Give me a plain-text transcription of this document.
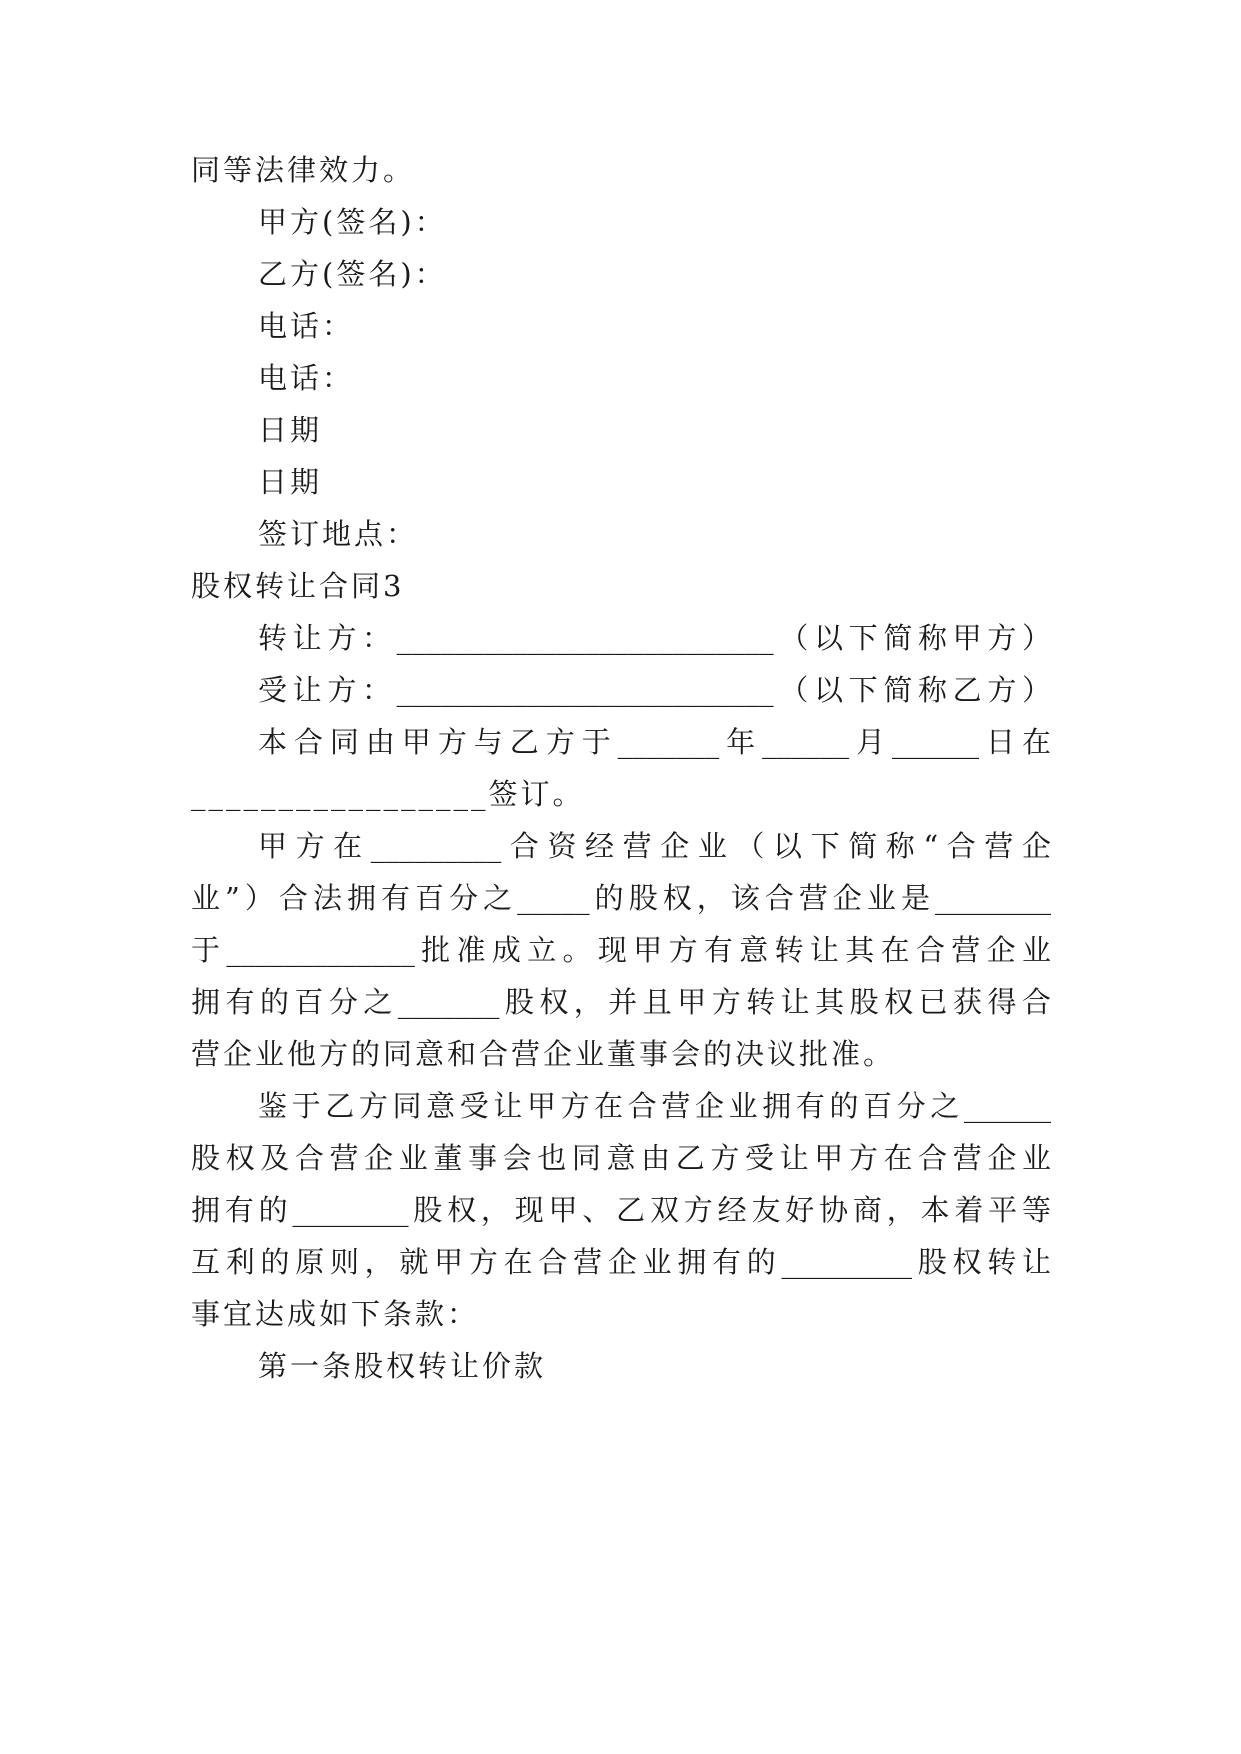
同等法律效力。

甲方(签名)：

乙方(签名)：

电话：

电话：

日期

日期

签订地点：

股权转让合同3

转让方：__________________________（以下简称甲方）

受让方：__________________________（以下简称乙方）

本合同由甲方与乙方于_______年______月______日在

_________________签订。

甲方在_________合资经营企业（以下简称“合营企

业”）合法拥有百分之_____的股权，该合营企业是________

于_____________批准成立。现甲方有意转让其在合营企业

拥有的百分之_______股权，并且甲方转让其股权已获得合

营企业他方的同意和合营企业董事会的决议批准。

鉴于乙方同意受让甲方在合营企业拥有的百分之______

股权及合营企业董事会也同意由乙方受让甲方在合营企业

拥有的________股权，现甲、乙双方经友好协商，本着平等

互利的原则，就甲方在合营企业拥有的_________股权转让

事宜达成如下条款：

第一条股权转让价款
